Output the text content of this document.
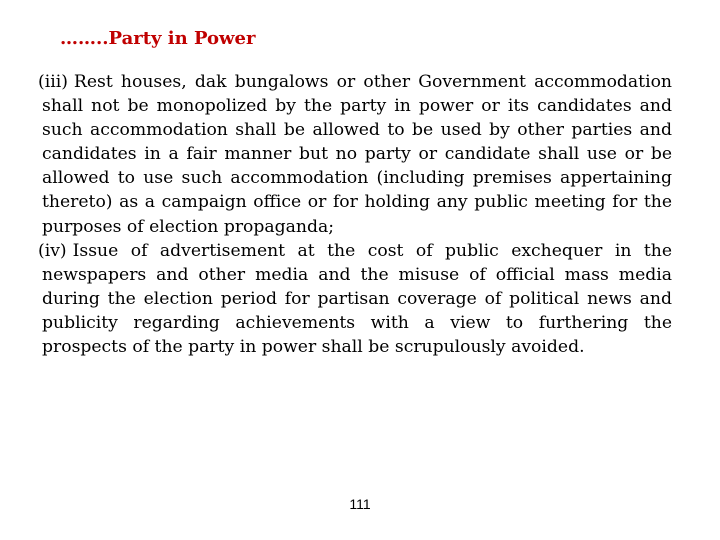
……..Party in Power

(iii) Rest houses, dak bungalows or other Government accommodation shall not be monopolized by the party in power or its candidates and such accommodation shall be allowed to be used by other parties and candidates in a fair manner but no party or candidate shall use or be allowed to use such accommodation (including premises appertaining thereto) as a campaign office or for holding any public meeting for the purposes of election propaganda;

(iv) Issue of advertisement at the cost of public exchequer in the newspapers and other media and the misuse of official mass media during the election period for partisan coverage of political news and publicity regarding achievements with a view to furthering the prospects of the party in power shall be scrupulously avoided.

111
